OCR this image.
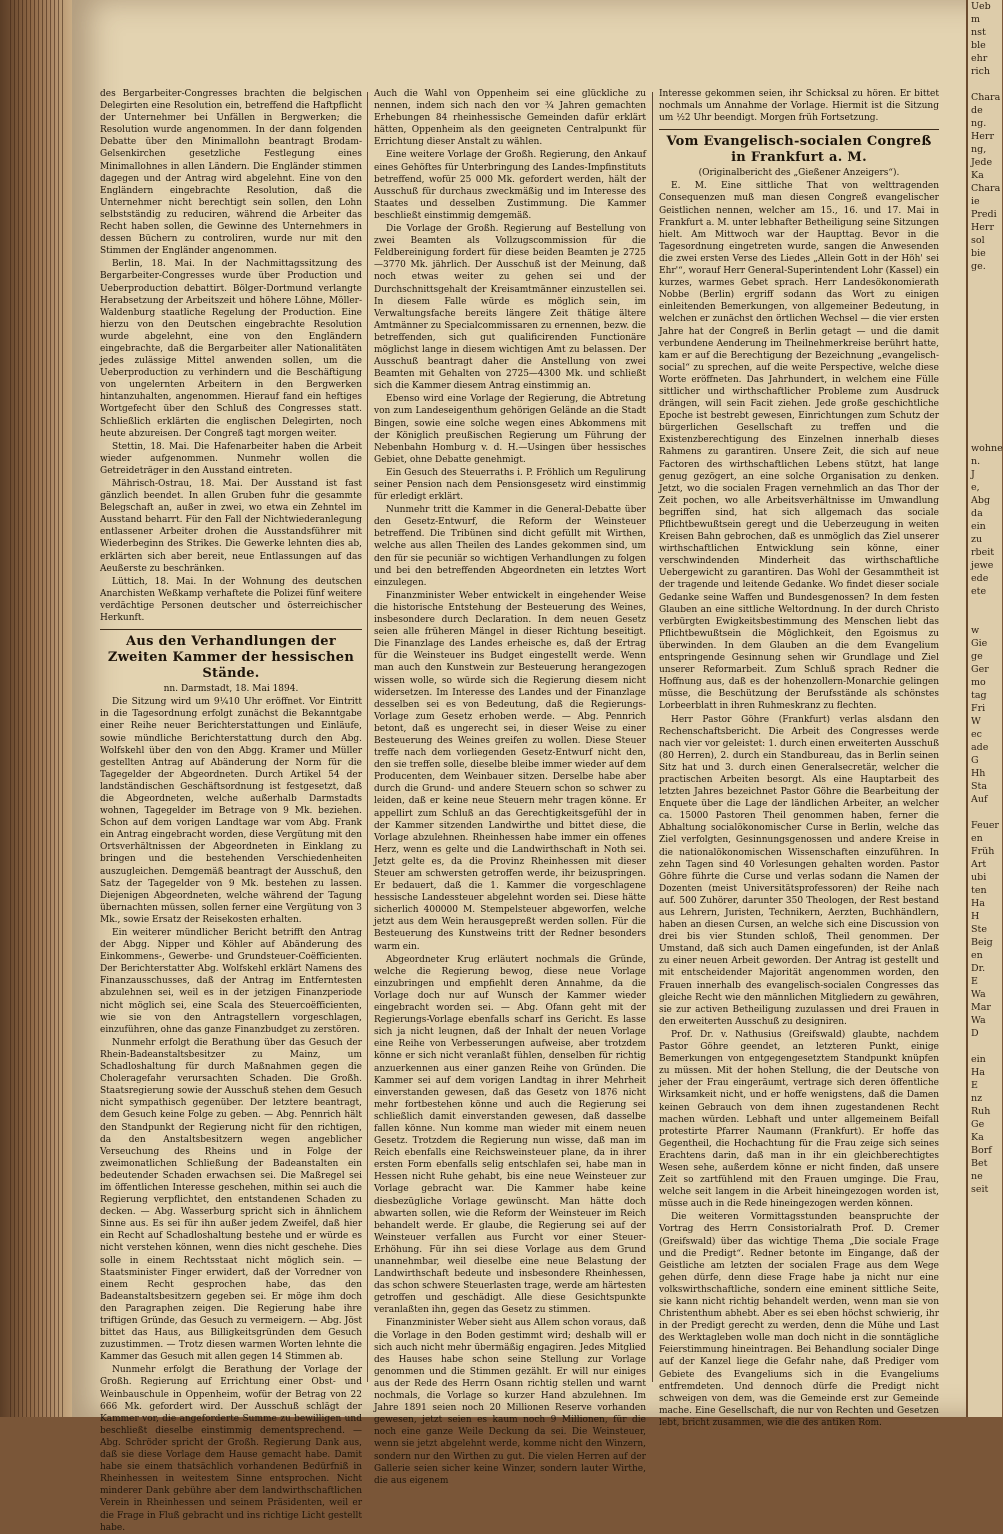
des Bergarbeiter-Congresses brachten die belgischen Delegirten eine Resolution ein, betreffend die Haftpflicht der Unternehmer bei Unfällen in Bergwerken; die Resolution wurde angenommen. In der dann folgenden Debatte über den Minimallohn beantragt Brodam-Gelsenkirchen gesetzliche Festlegung eines Minimallohnes in allen Ländern. Die Engländer stimmen dagegen und der Antrag wird abgelehnt. Eine von den Engländern eingebrachte Resolution, daß die Unternehmer nicht berechtigt sein sollen, den Lohn selbstständig zu reduciren, während die Arbeiter das Recht haben sollen, die Gewinne des Unternehmers in dessen Büchern zu controliren, wurde nur mit den Stimmen der Engländer angenommen.

Berlin, 18. Mai. In der Nachmittagssitzung des Bergarbeiter-Congresses wurde über Production und Ueberproduction debattirt. Bölger-Dortmund verlangte Herabsetzung der Arbeitszeit und höhere Löhne, Möller-Waldenburg staatliche Regelung der Production. Eine hierzu von den Deutschen eingebrachte Resolution wurde abgelehnt, eine von den Engländern eingebrachte, daß die Bergarbeiter aller Nationalitäten jedes zulässige Mittel anwenden sollen, um die Ueberproduction zu verhindern und die Beschäftigung von ungelernten Arbeitern in den Bergwerken hintanzuhalten, angenommen. Hierauf fand ein heftiges Wortgefecht über den Schluß des Congresses statt. Schließlich erklärten die englischen Delegirten, noch heute abzureisen. Der Congreß tagt morgen weiter.

Stettin, 18. Mai. Die Hafenarbeiter haben die Arbeit wieder aufgenommen. Nunmehr wollen die Getreideträger in den Ausstand eintreten.

Mährisch-Ostrau, 18. Mai. Der Ausstand ist fast gänzlich beendet. In allen Gruben fuhr die gesammte Belegschaft an, außer in zwei, wo etwa ein Zehntel im Ausstand beharrt. Für den Fall der Nichtwiederanlegung entlassener Arbeiter drohen die Ausstandsführer mit Wiederbeginn des Strikes. Die Gewerke lehnten dies ab, erklärten sich aber bereit, neue Entlassungen auf das Aeußerste zu beschränken.

Lüttich, 18. Mai. In der Wohnung des deutschen Anarchisten Weßkamp verhaftete die Polizei fünf weitere verdächtige Personen deutscher und österreichischer Herkunft.

Aus den Verhandlungen der Zweiten Kammer der hessischen Stände.

nn. Darmstadt, 18. Mai 1894.

Die Sitzung wird um 9¼10 Uhr eröffnet. Vor Eintritt in die Tagesordnung erfolgt zunächst die Bekanntgabe einer Reihe neuer Berichterstattungen und Einläufe, sowie mündliche Berichterstattung durch den Abg. Wolfskehl über den von den Abgg. Kramer und Müller gestellten Antrag auf Abänderung der Norm für die Tagegelder der Abgeordneten. Durch Artikel 54 der landständischen Geschäftsordnung ist festgesetzt, daß die Abgeordneten, welche außerhalb Darmstadts wohnen, Tagegelder im Betrage von 9 Mk. beziehen. Schon auf dem vorigen Landtage war vom Abg. Frank ein Antrag eingebracht worden, diese Vergütung mit den Ortsverhältnissen der Abgeordneten in Einklang zu bringen und die bestehenden Verschiedenheiten auszugleichen. Demgemäß beantragt der Ausschuß, den Satz der Tagegelder von 9 Mk. bestehen zu lassen. Diejenigen Abgeordneten, welche während der Tagung übernachten müssen, sollen ferner eine Vergütung von 3 Mk., sowie Ersatz der Reisekosten erhalten.

Ein weiterer mündlicher Bericht betrifft den Antrag der Abgg. Nipper und Köhler auf Abänderung des Einkommens-, Gewerbe- und Grundsteuer-Coëfficienten. Der Berichterstatter Abg. Wolfskehl erklärt Namens des Finanzausschusses, daß der Antrag im Entferntesten abzulehnen sei, weil es in der jetzigen Finanzperiode nicht möglich sei, eine Scala des Steuercoëfficienten, wie sie von den Antragstellern vorgeschlagen, einzuführen, ohne das ganze Finanzbudget zu zerstören.

Nunmehr erfolgt die Berathung über das Gesuch der Rhein-Badeanstaltsbesitzer zu Mainz, um Schadloshaltung für durch Maßnahmen gegen die Choleragefahr verursachten Schaden. Die Großh. Staatsregierung sowie der Ausschuß stehen dem Gesuch nicht sympathisch gegenüber. Der letztere beantragt, dem Gesuch keine Folge zu geben. — Abg. Pennrich hält den Standpunkt der Regierung nicht für den richtigen, da den Anstaltsbesitzern wegen angeblicher Verseuchung des Rheins und in Folge der zweimonatlichen Schließung der Badeanstalten ein bedeutender Schaden erwachsen sei. Die Maßregel sei im öffentlichen Interesse geschehen, mithin sei auch die Regierung verpflichtet, den entstandenen Schaden zu decken. — Abg. Wasserburg spricht sich in ähnlichem Sinne aus. Es sei für ihn außer jedem Zweifel, daß hier ein Recht auf Schadloshaltung bestehe und er würde es nicht verstehen können, wenn dies nicht geschehe. Dies solle in einem Rechtsstaat nicht möglich sein. — Staatsminister Finger erwidert, daß der Vorredner von einem Recht gesprochen habe, das den Badeanstaltsbesitzern gegeben sei. Er möge ihm doch den Paragraphen zeigen. Die Regierung habe ihre triftigen Gründe, das Gesuch zu vermeigern. — Abg. Jöst bittet das Haus, aus Billigkeitsgründen dem Gesuch zuzustimmen. — Trotz diesen warmen Worten lehnte die Kammer das Gesuch mit allen gegen 14 Stimmen ab.

Nunmehr erfolgt die Berathung der Vorlage der Großh. Regierung auf Errichtung einer Obst- und Weinbauschule in Oppenheim, wofür der Betrag von 22 666 Mk. gefordert wird. Der Ausschuß schlägt der Kammer vor, die angeforderte Summe zu bewilligen und beschließt dieselbe einstimmig dementsprechend. — Abg. Schröder spricht der Großh. Regierung Dank aus, daß sie diese Vorlage dem Hause gemacht habe. Damit habe sie einem thatsächlich vorhandenen Bedürfniß in Rheinhessen in weitestem Sinne entsprochen. Nicht minderer Dank gebühre aber dem landwirthschaftlichen Verein in Rheinhessen und seinem Präsidenten, weil er die Frage in Fluß gebracht und ins richtige Licht gestellt habe.

Auch die Wahl von Oppenheim sei eine glückliche zu nennen, indem sich nach den vor ¾ Jahren gemachten Erhebungen 84 rheinhessische Gemeinden dafür erklärt hätten, Oppenheim als den geeigneten Centralpunkt für Errichtung dieser Anstalt zu wählen.

Eine weitere Vorlage der Großh. Regierung, den Ankauf eines Gehöftes für Unterbringung des Landes-Impfinstituts betreffend, wofür 25 000 Mk. gefordert werden, hält der Ausschuß für durchaus zweckmäßig und im Interesse des Staates und desselben Zustimmung. Die Kammer beschließt einstimmig demgemäß.

Die Vorlage der Großh. Regierung auf Bestellung von zwei Beamten als Vollzugscommission für die Feldbereinigung fordert für diese beiden Beamten je 2725—3770 Mk. jährlich. Der Ausschuß ist der Meinung, daß noch etwas weiter zu gehen sei und der Durchschnittsgehalt der Kreisamtmänner einzustellen sei. In diesem Falle würde es möglich sein, im Verwaltungsfache bereits längere Zeit thätige ältere Amtmänner zu Specialcommissaren zu ernennen, bezw. die betreffenden, sich gut qualificirenden Functionäre möglichst lange in diesem wichtigen Amt zu belassen. Der Ausschuß beantragt daher die Anstellung von zwei Beamten mit Gehalten von 2725—4300 Mk. und schließt sich die Kammer diesem Antrag einstimmig an.

Ebenso wird eine Vorlage der Regierung, die Abtretung von zum Landeseigenthum gehörigen Gelände an die Stadt Bingen, sowie eine solche wegen eines Abkommens mit der Königlich preußischen Regierung um Führung der Nebenbahn Homburg v. d. H.—Usingen über hessisches Gebiet, ohne Debatte genehmigt.

Ein Gesuch des Steuerraths i. P. Fröhlich um Regulirung seiner Pension nach dem Pensionsgesetz wird einstimmig für erledigt erklärt.

Nunmehr tritt die Kammer in die General-Debatte über den Gesetz-Entwurf, die Reform der Weinsteuer betreffend. Die Tribünen sind dicht gefüllt mit Wirthen, welche aus allen Theilen des Landes gekommen sind, um den für sie pecuniär so wichtigen Verhandlungen zu folgen und bei den betreffenden Abgeordneten ein letztes Wort einzulegen.

Finanzminister Weber entwickelt in eingehender Weise die historische Entstehung der Besteuerung des Weines, insbesondere durch Declaration. In dem neuen Gesetz seien alle früheren Mängel in dieser Richtung beseitigt. Die Finanzlage des Landes erheische es, daß der Ertrag für die Weinsteuer ins Budget eingestellt werde. Wenn man auch den Kunstwein zur Besteuerung herangezogen wissen wolle, so würde sich die Regierung diesem nicht widersetzen. Im Interesse des Landes und der Finanzlage desselben sei es von Bedeutung, daß die Regierungs-Vorlage zum Gesetz erhoben werde. — Abg. Pennrich betont, daß es ungerecht sei, in dieser Weise zu einer Besteuerung des Weines greifen zu wollen. Diese Steuer treffe nach dem vorliegenden Gesetz-Entwurf nicht den, den sie treffen solle, dieselbe bleibe immer wieder auf dem Producenten, dem Weinbauer sitzen. Derselbe habe aber durch die Grund- und andere Steuern schon so schwer zu leiden, daß er keine neue Steuern mehr tragen könne. Er appellirt zum Schluß an das Gerechtigkeitsgefühl der in der Kammer sitzenden Landwirthe und bittet diese, die Vorlage abzulehnen. Rheinhessen habe immer ein offenes Herz, wenn es gelte und die Landwirthschaft in Noth sei. Jetzt gelte es, da die Provinz Rheinhessen mit dieser Steuer am schwersten getroffen werde, ihr beizuspringen. Er bedauert, daß die 1. Kammer die vorgeschlagene hessische Landessteuer abgelehnt worden sei. Diese hätte sicherlich 400000 M. Stempelsteuer abgeworfen, welche jetzt aus dem Wein herausgepreßt werden sollen. Für die Besteuerung des Kunstweins tritt der Redner besonders warm ein.

Abgeordneter Krug erläutert nochmals die Gründe, welche die Regierung bewog, diese neue Vorlage einzubringen und empfiehlt deren Annahme, da die Vorlage doch nur auf Wunsch der Kammer wieder eingebracht worden sei. — Abg. Ofann geht mit der Regierungs-Vorlage ebenfalls scharf ins Gericht. Es lasse sich ja nicht leugnen, daß der Inhalt der neuen Vorlage eine Reihe von Verbesserungen aufweise, aber trotzdem könne er sich nicht veranlaßt fühlen, denselben für richtig anzuerkennen aus einer ganzen Reihe von Gründen. Die Kammer sei auf dem vorigen Landtag in ihrer Mehrheit einverstanden gewesen, daß das Gesetz von 1876 nicht mehr fortbestehen könne und auch die Regierung sei schließlich damit einverstanden gewesen, daß dasselbe fallen könne. Nun komme man wieder mit einem neuen Gesetz. Trotzdem die Regierung nun wisse, daß man im Reich ebenfalls eine Reichsweinsteuer plane, da in ihrer ersten Form ebenfalls selig entschlafen sei, habe man in Hessen nicht Ruhe gehabt, bis eine neue Weinsteuer zur Vorlage gebracht war. Die Kammer habe keine diesbezügliche Vorlage gewünscht. Man hätte doch abwarten sollen, wie die Reform der Weinsteuer im Reich behandelt werde. Er glaube, die Regierung sei auf der Weinsteuer verfallen aus Furcht vor einer Steuer-Erhöhung. Für ihn sei diese Vorlage aus dem Grund unannehmbar, weil dieselbe eine neue Belastung der Landwirthschaft bedeute und insbesondere Rheinhessen, das schon schwere Steuerlasten trage, werde am härtesten getroffen und geschädigt. Alle diese Gesichtspunkte veranlaßten ihn, gegen das Gesetz zu stimmen.

Finanzminister Weber sieht aus Allem schon voraus, daß die Vorlage in den Boden gestimmt wird; deshalb will er sich auch nicht mehr übermäßig engagiren. Jedes Mitglied des Hauses habe schon seine Stellung zur Vorlage genommen und die Stimmen gezählt. Er will nur einiges aus der Rede des Herrn Osann richtig stellen und warnt nochmals, die Vorlage so kurzer Hand abzulehnen. Im Jahre 1891 seien noch 20 Millionen Reserve vorhanden gewesen, jetzt seien es kaum noch 9 Millionen, für die noch eine ganze Weile Deckung da sei. Die Weinsteuer, wenn sie jetzt abgelehnt werde, komme nicht den Winzern, sondern nur den Wirthen zu gut. Die vielen Herren auf der Gallerie seien sicher keine Winzer, sondern lauter Wirthe, die aus eigenem

Interesse gekommen seien, ihr Schicksal zu hören. Er bittet nochmals um Annahme der Vorlage. Hiermit ist die Sitzung um ½2 Uhr beendigt. Morgen früh Fortsetzung.

Vom Evangelisch-socialen Congreß in Frankfurt a. M.

(Originalbericht des „Gießener Anzeigers“).

E. M. Eine sittliche That von welttragenden Consequenzen muß man diesen Congreß evangelischer Geistlichen nennen, welcher am 15., 16. und 17. Mai in Frankfurt a. M. unter lebhafter Betheiligung seine Sitzungen hielt. Am Mittwoch war der Haupttag. Bevor in die Tagesordnung eingetreten wurde, sangen die Anwesenden die zwei ersten Verse des Liedes „Allein Gott in der Höh' sei Ehr'“, worauf Herr General-Superintendent Lohr (Kassel) ein kurzes, warmes Gebet sprach. Herr Landesökonomierath Nobbe (Berlin) ergriff sodann das Wort zu einigen einleitenden Bemerkungen, von allgemeiner Bedeutung, in welchen er zunächst den örtlichen Wechsel — die vier ersten Jahre hat der Congreß in Berlin getagt — und die damit verbundene Aenderung im Theilnehmerkreise berührt hatte, kam er auf die Berechtigung der Bezeichnung „evangelisch-social“ zu sprechen, auf die weite Perspective, welche diese Worte eröffneten. Das Jahrhundert, in welchem eine Fülle sittlicher und wirthschaftlicher Probleme zum Ausdruck drängen, will sein Facit ziehen. Jede große geschichtliche Epoche ist bestrebt gewesen, Einrichtungen zum Schutz der bürgerlichen Gesellschaft zu treffen und die Existenzberechtigung des Einzelnen innerhalb dieses Rahmens zu garantiren. Unsere Zeit, die sich auf neue Factoren des wirthschaftlichen Lebens stützt, hat lange genug gezögert, an eine solche Organisation zu denken. Jetzt, wo die socialen Fragen vernehmlich an das Thor der Zeit pochen, wo alle Arbeitsverhältnisse im Umwandlung begriffen sind, hat sich allgemach das sociale Pflichtbewußtsein geregt und die Ueberzeugung in weiten Kreisen Bahn gebrochen, daß es unmöglich das Ziel unserer wirthschaftlichen Entwicklung sein könne, einer verschwindenden Minderheit das wirthschaftliche Uebergewicht zu garantiren. Das Wohl der Gesammtheit ist der tragende und leitende Gedanke. Wo findet dieser sociale Gedanke seine Waffen und Bundesgenossen? In dem festen Glauben an eine sittliche Weltordnung. In der durch Christo verbürgten Ewigkeitsbestimmung des Menschen liebt das Pflichtbewußtsein die Möglichkeit, den Egoismus zu überwinden. In dem Glauben an die dem Evangelium entspringende Gesinnung sehen wir Grundlage und Ziel unserer Reformarbeit. Zum Schluß sprach Redner die Hoffnung aus, daß es der hohenzollern-Monarchie gelingen müsse, die Beschützung der Berufsstände als schönstes Lorbeerblatt in ihren Ruhmeskranz zu flechten.

Herr Pastor Göhre (Frankfurt) verlas alsdann den Rechenschaftsbericht. Die Arbeit des Congresses werde nach vier vor geleistet: 1. durch einen erweiterten Ausschuß (80 Herren), 2. durch ein Standbureau, das in Berlin seinen Sitz hat und 3. durch einen Generalsecretär, welcher die practischen Arbeiten besorgt. Als eine Hauptarbeit des letzten Jahres bezeichnet Pastor Göhre die Bearbeitung der Enquete über die Lage der ländlichen Arbeiter, an welcher ca. 15000 Pastoren Theil genommen haben, ferner die Abhaltung socialökonomischer Curse in Berlin, welche das Ziel verfolgten, Gesinnungsgenossen und andere Kreise in die nationalökonomischen Wissenschaften einzuführen. In zehn Tagen sind 40 Vorlesungen gehalten worden. Pastor Göhre führte die Curse und verlas sodann die Namen der Dozenten (meist Universitätsprofessoren) der Reihe nach auf. 500 Zuhörer, darunter 350 Theologen, der Rest bestand aus Lehrern, Juristen, Technikern, Aerzten, Buchhändlern, haben an diesen Cursen, an welche sich eine Discussion von drei bis vier Stunden schloß, Theil genommen. Der Umstand, daß sich auch Damen eingefunden, ist der Anlaß zu einer neuen Arbeit geworden. Der Antrag ist gestellt und mit entscheidender Majorität angenommen worden, den Frauen innerhalb des evangelisch-socialen Congresses das gleiche Recht wie den männlichen Mitgliedern zu gewähren, sie zur activen Betheiligung zuzulassen und drei Frauen in den erweiterten Ausschuß zu designiren.

Prof. Dr. v. Nathusius (Greifswald) glaubte, nachdem Pastor Göhre geendet, an letzteren Punkt, einige Bemerkungen von entgegengesetztem Standpunkt knüpfen zu müssen. Mit der hohen Stellung, die der Deutsche von jeher der Frau eingeräumt, vertrage sich deren öffentliche Wirksamkeit nicht, und er hoffe wenigstens, daß die Damen keinen Gebrauch von dem ihnen zugestandenen Recht machen würden. Lebhaft und unter allgemeinem Beifall protestirte Pfarrer Naumann (Frankfurt). Er hoffe das Gegentheil, die Hochachtung für die Frau zeige sich seines Erachtens darin, daß man in ihr ein gleichberechtigtes Wesen sehe, außerdem könne er nicht finden, daß unsere Zeit so zartfühlend mit den Frauen umginge. Die Frau, welche seit langem in die Arbeit hineingezogen worden ist, müsse auch in die Rede hineingezogen werden können.

Die weiteren Vormittagsstunden beanspruchte der Vortrag des Herrn Consistorialrath Prof. D. Cremer (Greifswald) über das wichtige Thema „Die sociale Frage und die Predigt“. Redner betonte im Eingange, daß der Geistliche am letzten der socialen Frage aus dem Wege gehen dürfe, denn diese Frage habe ja nicht nur eine volkswirthschaftliche, sondern eine eminent sittliche Seite, sie kann nicht richtig behandelt werden, wenn man sie von Christenthum abhebt. Aber es sei eben höchst schwierig, ihr in der Predigt gerecht zu werden, denn die Mühe und Last des Werktagleben wolle man doch nicht in die sonntägliche Feierstimmung hineintragen. Bei Behandlung socialer Dinge auf der Kanzel liege die Gefahr nahe, daß Prediger vom Gebiete des Evangeliums sich in die Evangeliums entfremdeten. Und dennoch dürfe die Predigt nicht schweigen von dem, was die Gemeinde erst zur Gemeinde mache. Eine Gesellschaft, die nur von Rechten und Gesetzen lebt, bricht zusammen, wie die des antiken Rom.

Ueb

m

nst

ble

ehr

rich

Chara

de

ng.

Herr

ng,

Jede

Ka

Chara

ie

Predi

Herr

sol

bie

ge.

wohne

n.

J

e,

Abg

da

ein

zu

rbeit

jewe

ede

ete

w

Gie

ge

Ger

mo

tag

Fri

W

ec

ade

G

Hh

Sta

Auf

Feuer

en

Früh

Art

ubi

ten

Ha

H

Ste

Beig

en

Dr.

E

Wa

Mar

Wa

D

ein

Ha

E

nz

Ruh

Ge

Ka

Borf

Bet

ne

seit
